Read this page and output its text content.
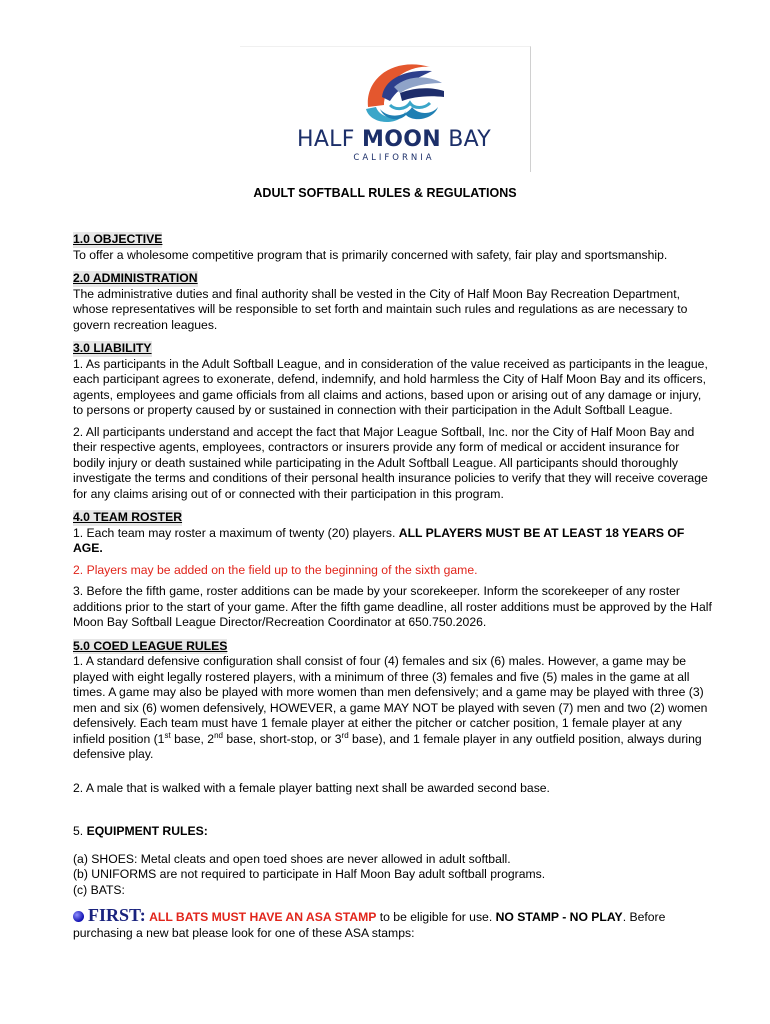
HALF MOON BAY
CALIFORNIA
ADULT SOFTBALL RULES & REGULATIONS
1.0 OBJECTIVE

To offer a wholesome competitive program that is primarily concerned with safety, fair play and sportsmanship.

2.0 ADMINISTRATION

The administrative duties and final authority shall be vested in the City of Half Moon Bay Recreation Department, whose representatives will be responsible to set forth and maintain such rules and regulations as are necessary to govern recreation leagues.

3.0 LIABILITY

1. As participants in the Adult Softball League, and in consideration of the value received as participants in the league, each participant agrees to exonerate, defend, indemnify, and hold harmless the City of Half Moon Bay and its officers, agents, employees and game officials from all claims and actions, based upon or arising out of any damage or injury, to persons or property caused by or sustained in connection with their participation in the Adult Softball League.

2. All participants understand and accept the fact that Major League Softball, Inc. nor the City of Half Moon Bay and their respective agents, employees, contractors or insurers provide any form of medical or accident insurance for bodily injury or death sustained while participating in the Adult Softball League. All participants should thoroughly investigate the terms and conditions of their personal health insurance policies to verify that they will receive coverage for any claims arising out of or connected with their participation in this program.

4.0 TEAM ROSTER

1. Each team may roster a maximum of twenty (20) players. ALL PLAYERS MUST BE AT LEAST 18 YEARS OF AGE.

2. Players may be added on the field up to the beginning of the sixth game.

3. Before the fifth game, roster additions can be made by your scorekeeper. Inform the scorekeeper of any roster additions prior to the start of your game. After the fifth game deadline, all roster additions must be approved by the Half Moon Bay Softball League Director/Recreation Coordinator at 650.750.2026.

5.0 COED LEAGUE RULES

1. A standard defensive configuration shall consist of four (4) females and six (6) males. However, a game may be played with eight legally rostered players, with a minimum of three (3) females and five (5) males in the game at all times. A game may also be played with more women than men defensively; and a game may be played with three (3) men and six (6) women defensively, HOWEVER, a game MAY NOT be played with seven (7) men and two (2) women defensively. Each team must have 1 female player at either the pitcher or catcher position, 1 female player at any infield position (1st base, 2nd base, short-stop, or 3rd base), and 1 female player in any outfield position, always during defensive play.

2. A male that is walked with a female player batting next shall be awarded second base.

5. EQUIPMENT RULES:

(a) SHOES: Metal cleats and open toed shoes are never allowed in adult softball.

(b) UNIFORMS are not required to participate in Half Moon Bay adult softball programs.

(c) BATS:

FIRST: ALL BATS MUST HAVE AN ASA STAMP to be eligible for use. NO STAMP - NO PLAY. Before purchasing a new bat please look for one of these ASA stamps:
